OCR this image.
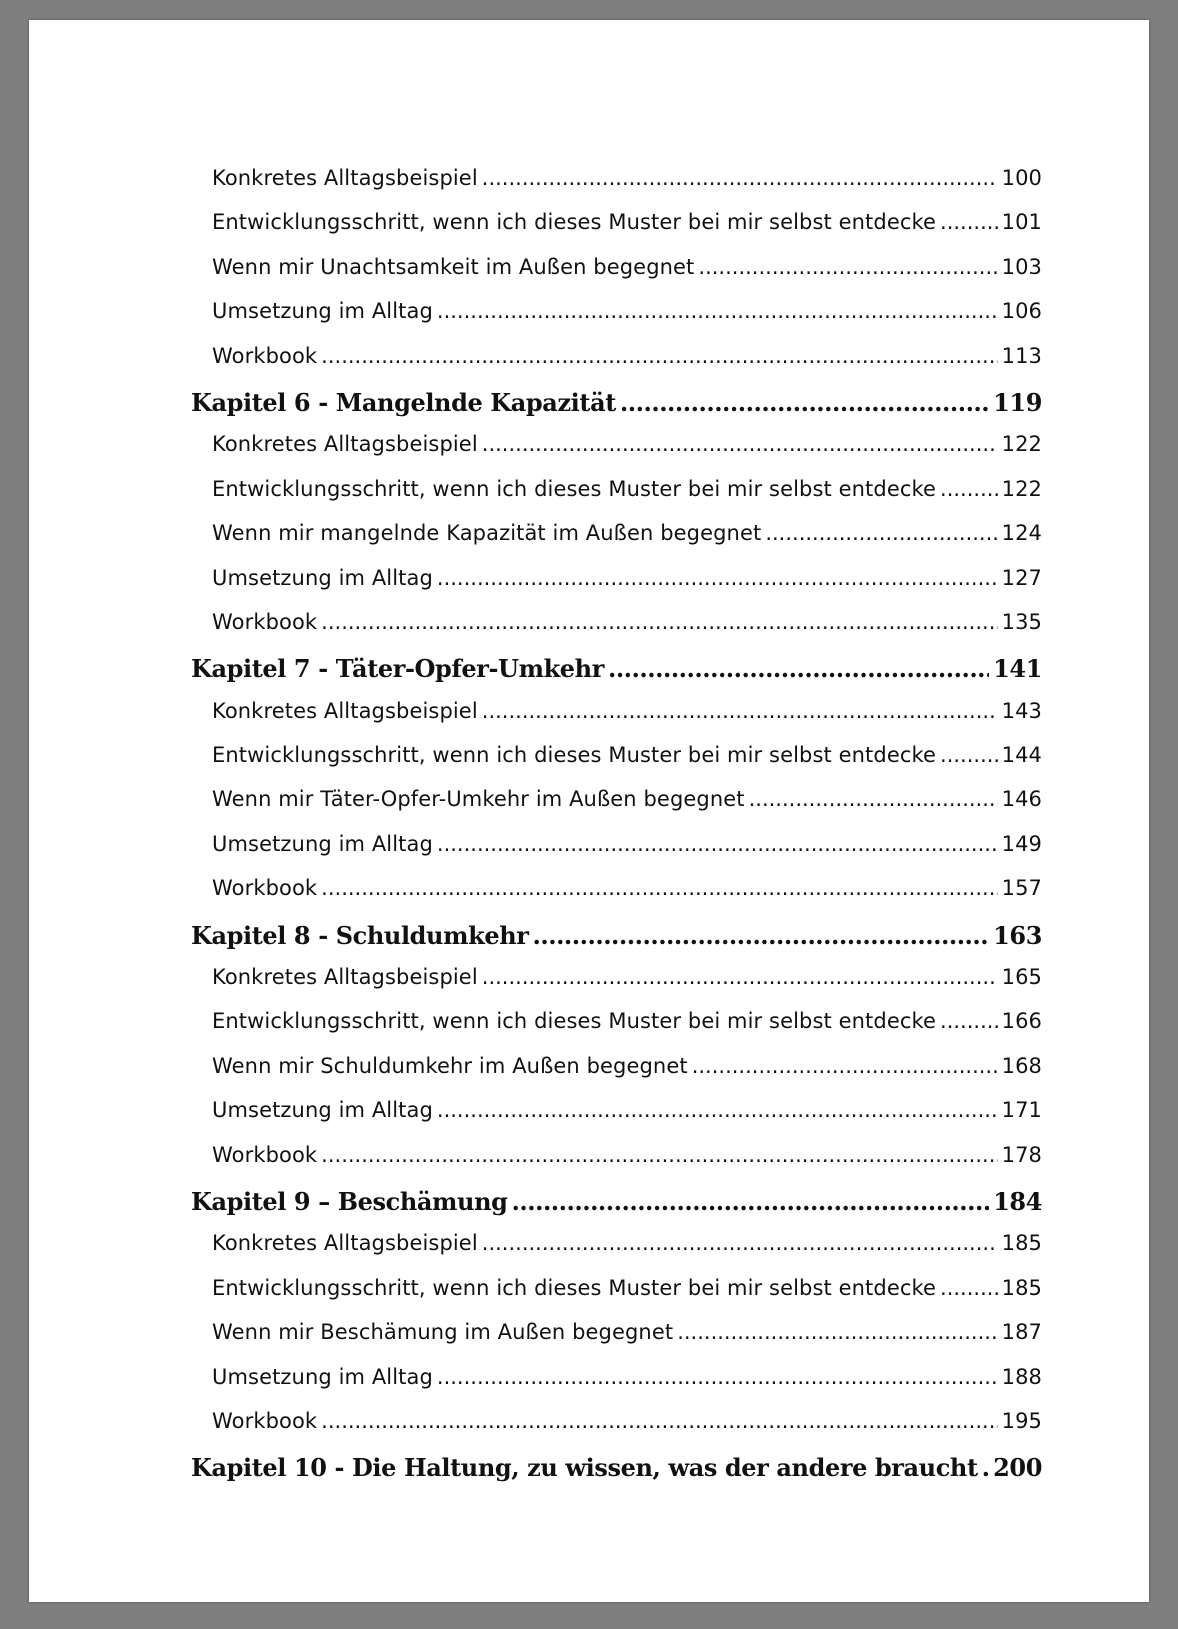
Konkretes Alltagsbeispiel .....	100
Entwicklungsschritt, wenn ich dieses Muster bei mir selbst entdecke .....	101
Wenn mir Unachtsamkeit im Außen begegnet .....	103
Umsetzung im Alltag .....	106
Workbook .....	113
Kapitel 6 - Mangelnde Kapazität .....	119
Konkretes Alltagsbeispiel .....	122
Entwicklungsschritt, wenn ich dieses Muster bei mir selbst entdecke .....	122
Wenn mir mangelnde Kapazität im Außen begegnet .....	124
Umsetzung im Alltag .....	127
Workbook .....	135
Kapitel 7 - Täter-Opfer-Umkehr .....	141
Konkretes Alltagsbeispiel .....	143
Entwicklungsschritt, wenn ich dieses Muster bei mir selbst entdecke .....	144
Wenn mir Täter-Opfer-Umkehr im Außen begegnet .....	146
Umsetzung im Alltag .....	149
Workbook .....	157
Kapitel 8 - Schuldumkehr .....	163
Konkretes Alltagsbeispiel .....	165
Entwicklungsschritt, wenn ich dieses Muster bei mir selbst entdecke .....	166
Wenn mir Schuldumkehr im Außen begegnet .....	168
Umsetzung im Alltag .....	171
Workbook .....	178
Kapitel 9 – Beschämung .....	184
Konkretes Alltagsbeispiel .....	185
Entwicklungsschritt, wenn ich dieses Muster bei mir selbst entdecke .....	185
Wenn mir Beschämung im Außen begegnet .....	187
Umsetzung im Alltag .....	188
Workbook .....	195
Kapitel 10 - Die Haltung, zu wissen, was der andere braucht ..... 200
